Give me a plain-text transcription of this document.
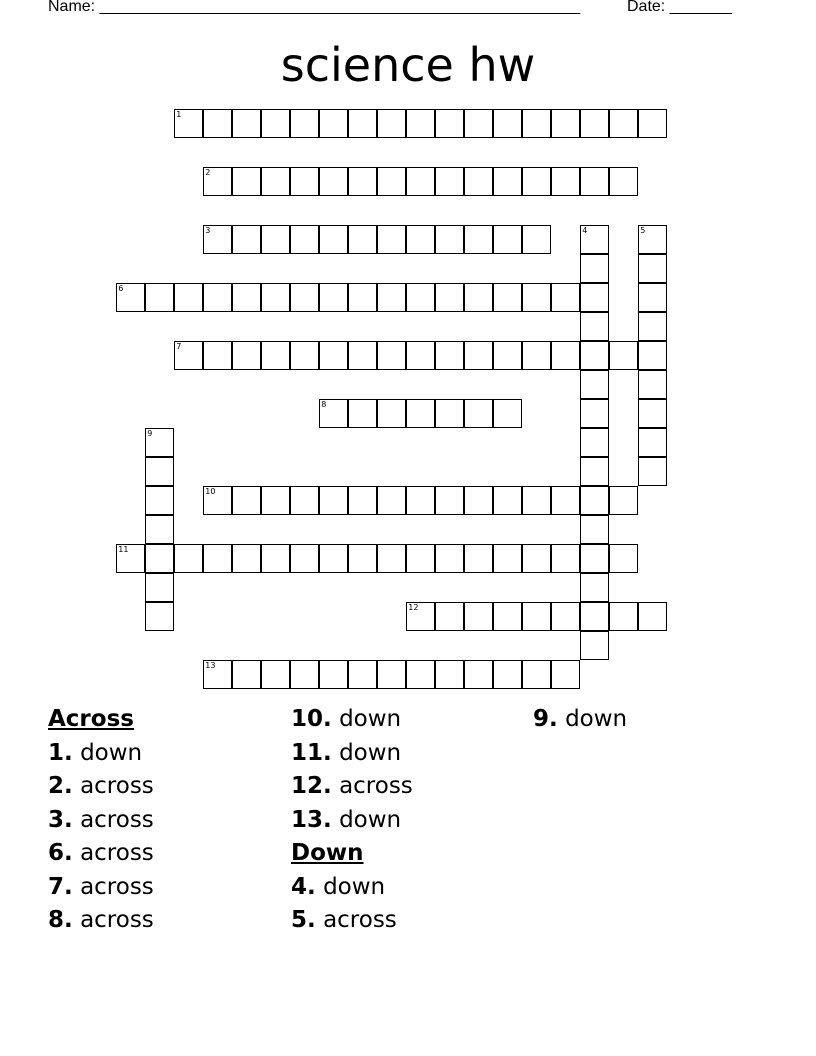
Name: ______________________________________________________	Date: _______
science hw
1
2
3	4	5
6
7
8
9
10
11
12
13
Across
1. down
2. across
3. across
6. across
7. across
8. across
10. down
11. down
12. across
13. down
Down
4. down
5. across
9. down
